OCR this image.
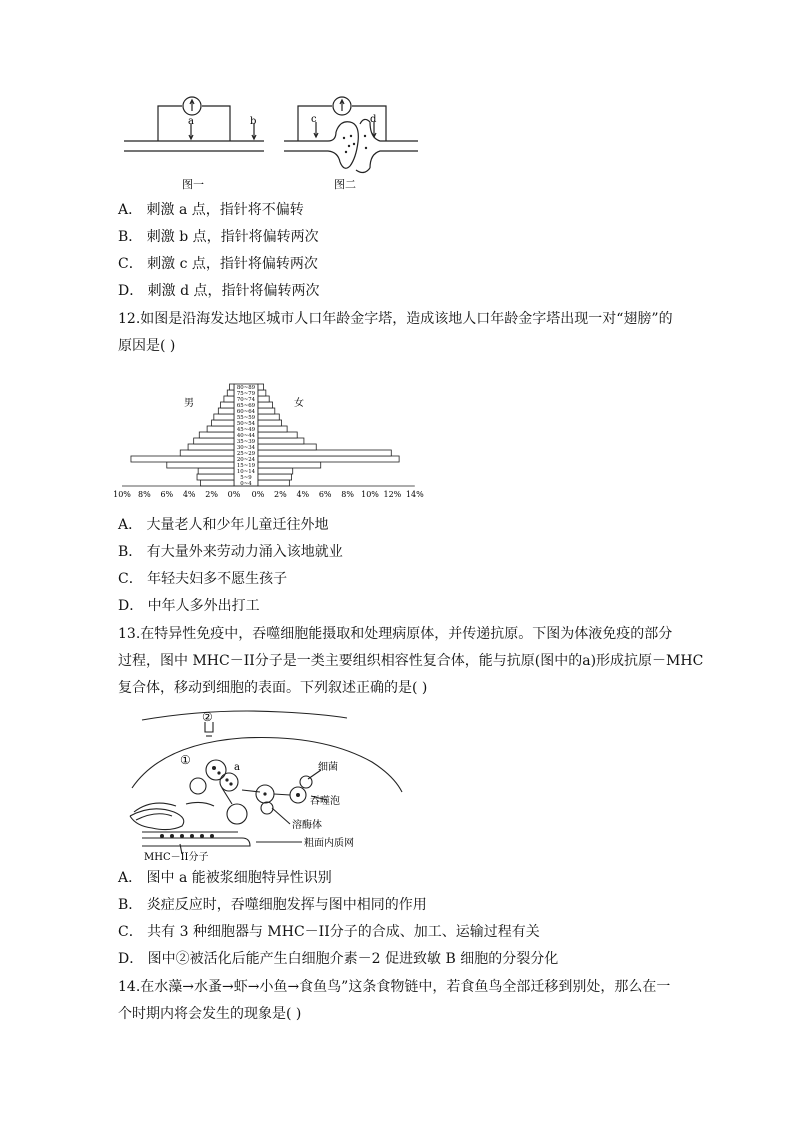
a	b
图一
c	d
图二
A． 刺激 a 点，指针将不偏转
B． 刺激 b 点，指针将偏转两次
C． 刺激 c 点，指针将偏转两次
D． 刺激 d 点，指针将偏转两次
12.如图是沿海发达地区城市人口年龄金字塔，造成该地人口年龄金字塔出现一对“翅膀”的
原因是( )
男	女
0~4
5~9
10~14
15~19
20~24
25~29
30~34
35~39
40~44
45~49
50~54
55~59
60~64
65~69
70~74
75~79
80~89
10% 8% 6% 4% 2% 0% 0% 2% 4% 6% 8% 10% 12% 14%
A． 大量老人和少年儿童迁往外地
B． 有大量外来劳动力涌入该地就业
C． 年轻夫妇多不愿生孩子
D． 中年人多外出打工
13.在特异性免疫中，吞噬细胞能摄取和处理病原体，并传递抗原。下图为体液免疫的部分
过程，图中 MHC－II分子是一类主要组织相容性复合体，能与抗原(图中的a)形成抗原－MHC
复合体，移动到细胞的表面。下列叙述正确的是( )
②
①
a	细菌
吞噬泡
溶酶体
粗面内质网
MHC－II分子
A． 图中 a 能被浆细胞特异性识别
B． 炎症反应时，吞噬细胞发挥与图中相同的作用
C． 共有 3 种细胞器与 MHC－II分子的合成、加工、运输过程有关
D． 图中②被活化后能产生白细胞介素－2 促进致敏 B 细胞的分裂分化
14.在水藻→水蚤→虾→小鱼→食鱼鸟”这条食物链中，若食鱼鸟全部迁移到别处，那么在一
个时期内将会发生的现象是( )
